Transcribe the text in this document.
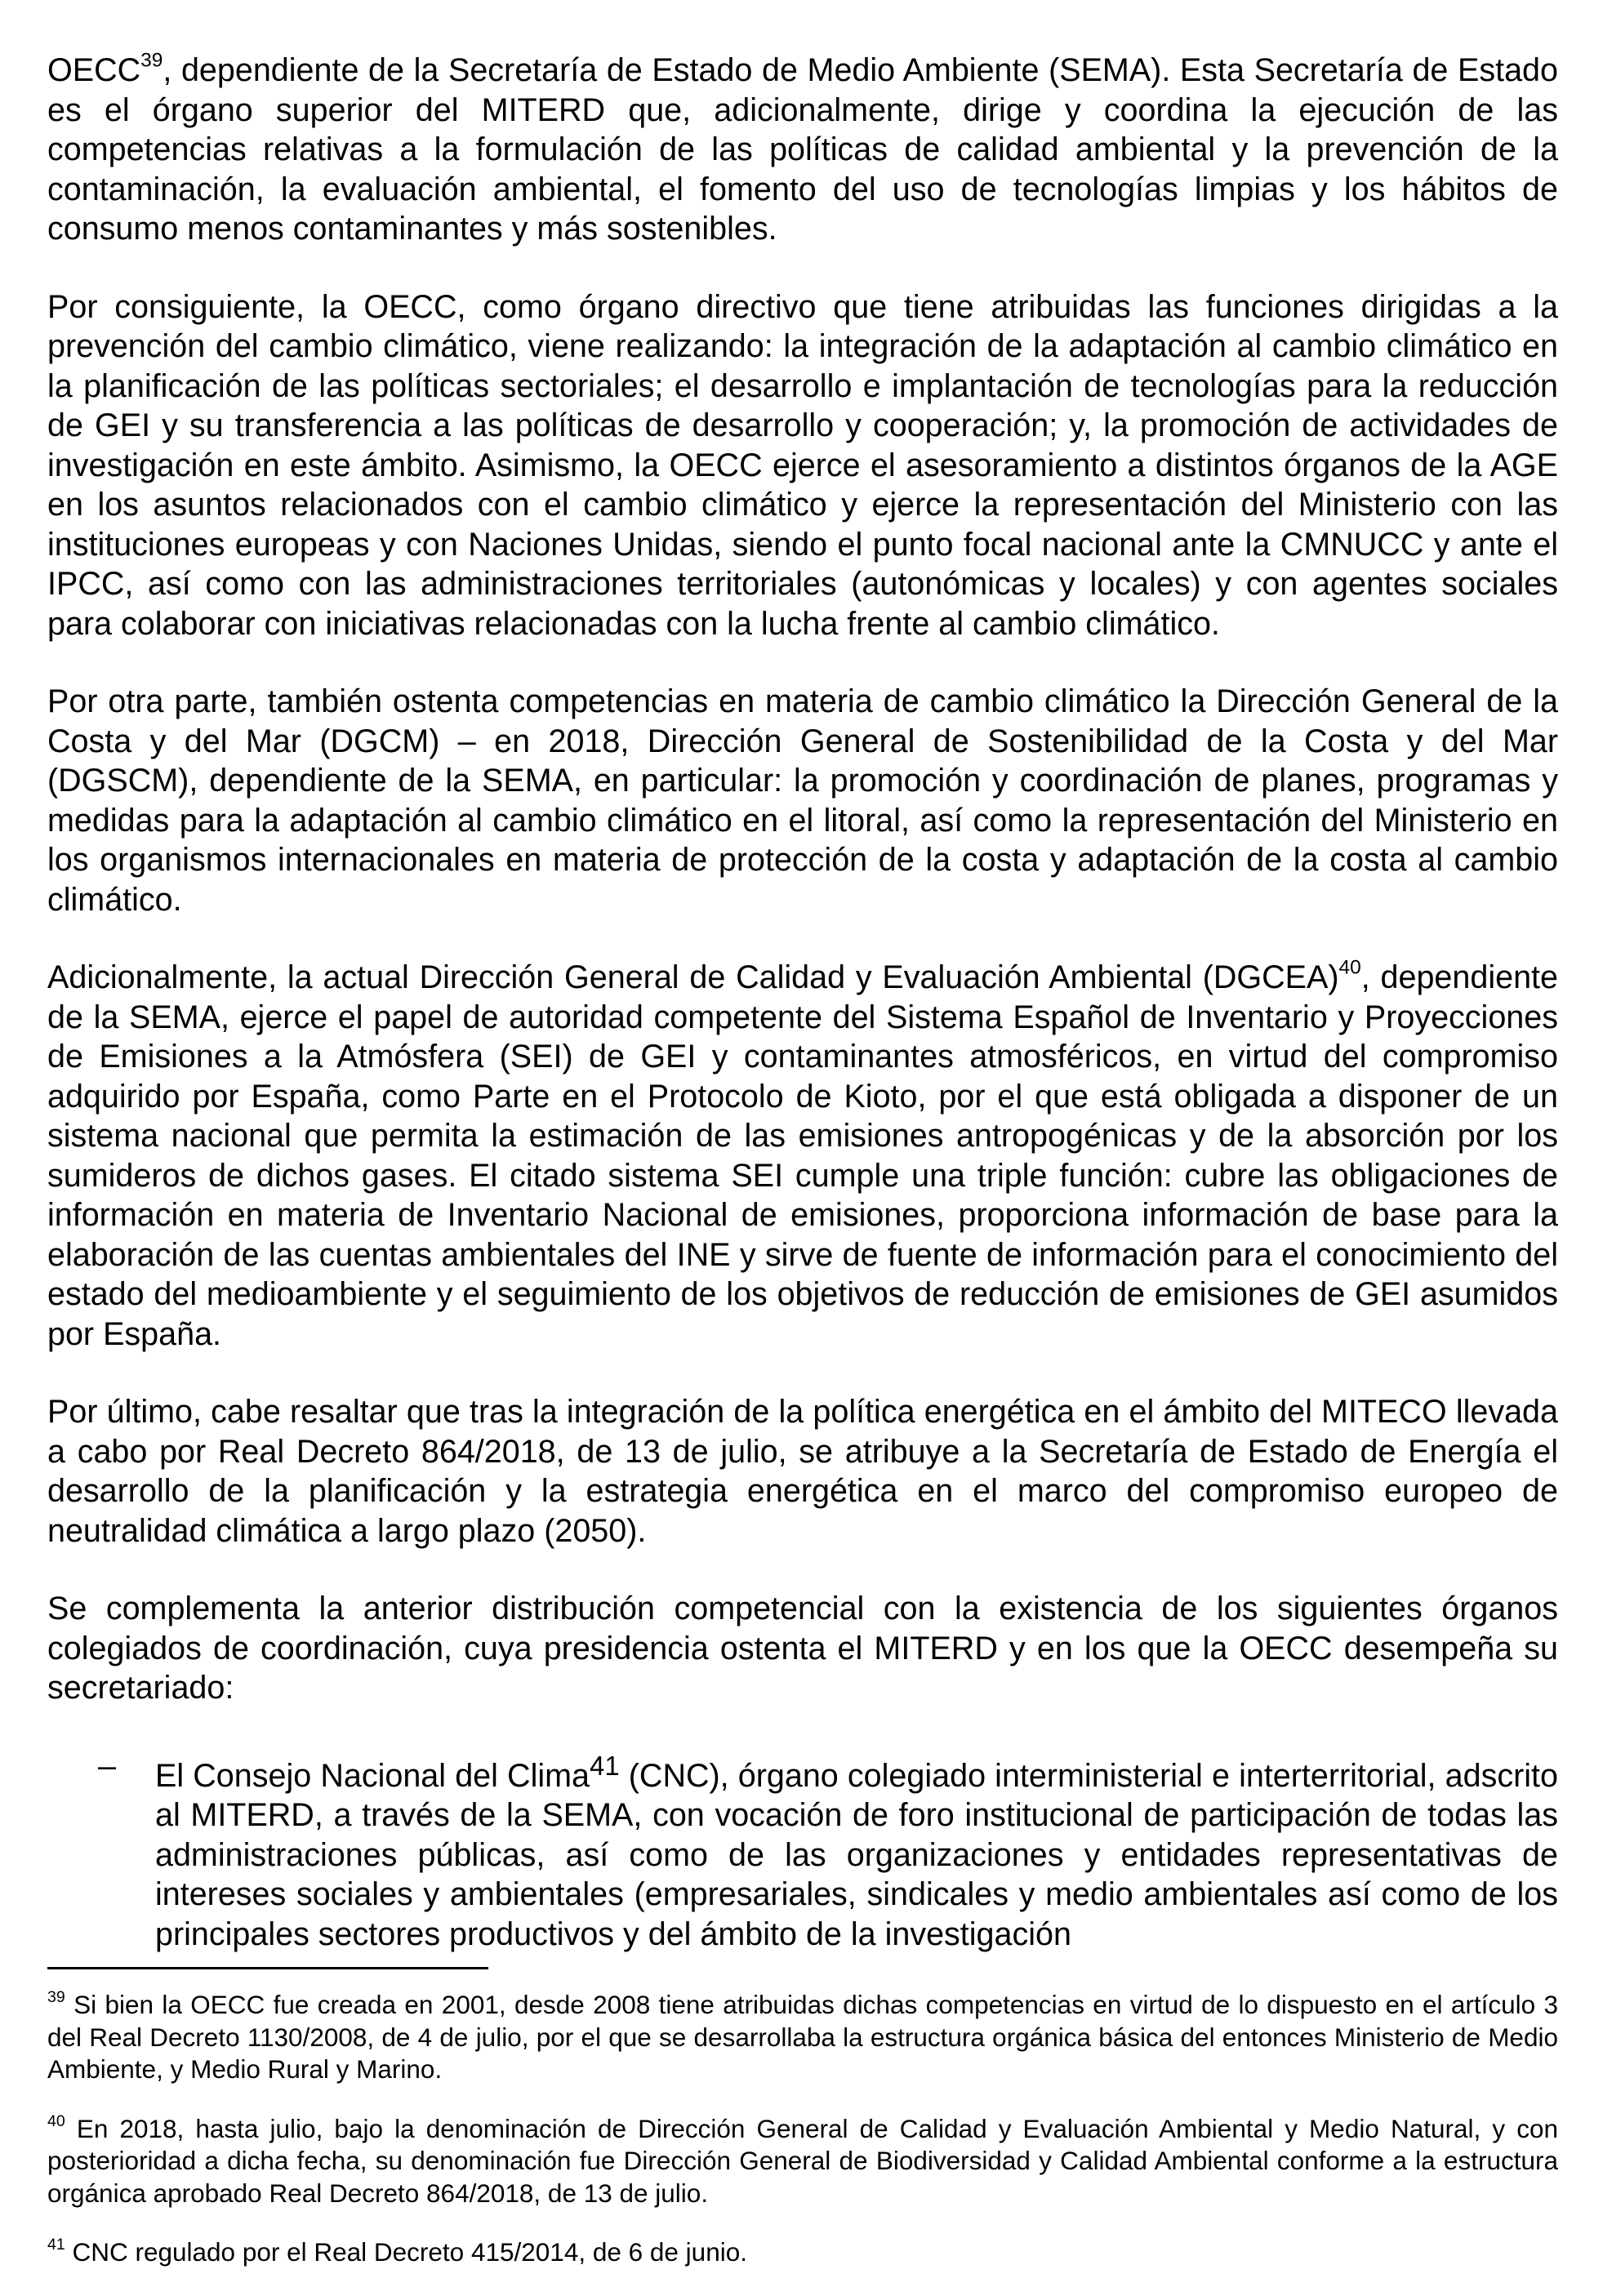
OECC$^{39}$, dependiente de la Secretaría de Estado de Medio Ambiente (SEMA). Esta Secretaría de Estado es el órgano superior del MITERD que, adicionalmente, dirige y coordina la ejecución de las competencias relativas a la formulación de las políticas de calidad ambiental y la prevención de la contaminación, la evaluación ambiental, el fomento del uso de tecnologías limpias y los hábitos de consumo menos contaminantes y más sostenibles.

Por consiguiente, la OECC, como órgano directivo que tiene atribuidas las funciones dirigidas a la prevención del cambio climático, viene realizando: la integración de la adaptación al cambio climático en la planificación de las políticas sectoriales; el desarrollo e implantación de tecnologías para la reducción de GEI y su transferencia a las políticas de desarrollo y cooperación; y, la promoción de actividades de investigación en este ámbito. Asimismo, la OECC ejerce el asesoramiento a distintos órganos de la AGE en los asuntos relacionados con el cambio climático y ejerce la representación del Ministerio con las instituciones europeas y con Naciones Unidas, siendo el punto focal nacional ante la CMNUCC y ante el IPCC, así como con las administraciones territoriales (autonómicas y locales) y con agentes sociales para colaborar con iniciativas relacionadas con la lucha frente al cambio climático.

Por otra parte, también ostenta competencias en materia de cambio climático la Dirección General de la Costa y del Mar (DGCM) – en 2018, Dirección General de Sostenibilidad de la Costa y del Mar (DGSCM), dependiente de la SEMA, en particular: la promoción y coordinación de planes, programas y medidas para la adaptación al cambio climático en el litoral, así como la representación del Ministerio en los organismos internacionales en materia de protección de la costa y adaptación de la costa al cambio climático.

Adicionalmente, la actual Dirección General de Calidad y Evaluación Ambiental (DGCEA)$^{40}$, dependiente de la SEMA, ejerce el papel de autoridad competente del Sistema Español de Inventario y Proyecciones de Emisiones a la Atmósfera (SEI) de GEI y contaminantes atmosféricos, en virtud del compromiso adquirido por España, como Parte en el Protocolo de Kioto, por el que está obligada a disponer de un sistema nacional que permita la estimación de las emisiones antropogénicas y de la absorción por los sumideros de dichos gases. El citado sistema SEI cumple una triple función: cubre las obligaciones de información en materia de Inventario Nacional de emisiones, proporciona información de base para la elaboración de las cuentas ambientales del INE y sirve de fuente de información para el conocimiento del estado del medioambiente y el seguimiento de los objetivos de reducción de emisiones de GEI asumidos por España.

Por último, cabe resaltar que tras la integración de la política energética en el ámbito del MITECO llevada a cabo por Real Decreto 864/2018, de 13 de julio, se atribuye a la Secretaría de Estado de Energía el desarrollo de la planificación y la estrategia energética en el marco del compromiso europeo de neutralidad climática a largo plazo (2050).

Se complementa la anterior distribución competencial con la existencia de los siguientes órganos colegiados de coordinación, cuya presidencia ostenta el MITERD y en los que la OECC desempeña su secretariado:

– El Consejo Nacional del Clima$^{41}$ (CNC), órgano colegiado interministerial e interterritorial, adscrito al MITERD, a través de la SEMA, con vocación de foro institucional de participación de todas las administraciones públicas, así como de las organizaciones y entidades representativas de intereses sociales y ambientales (empresariales, sindicales y medio ambientales así como de los principales sectores productivos y del ámbito de la investigación

$^{39}$ Si bien la OECC fue creada en 2001, desde 2008 tiene atribuidas dichas competencias en virtud de lo dispuesto en el artículo 3 del Real Decreto 1130/2008, de 4 de julio, por el que se desarrollaba la estructura orgánica básica del entonces Ministerio de Medio Ambiente, y Medio Rural y Marino.

$^{40}$ En 2018, hasta julio, bajo la denominación de Dirección General de Calidad y Evaluación Ambiental y Medio Natural, y con posterioridad a dicha fecha, su denominación fue Dirección General de Biodiversidad y Calidad Ambiental conforme a la estructura orgánica aprobado Real Decreto 864/2018, de 13 de julio.

$^{41}$ CNC regulado por el Real Decreto 415/2014, de 6 de junio.
